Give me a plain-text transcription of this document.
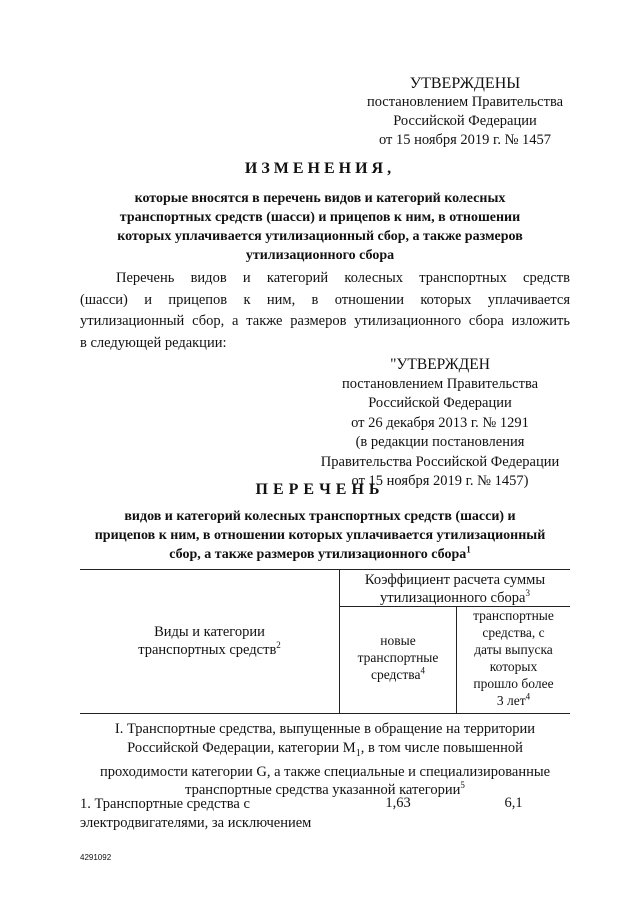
УТВЕРЖДЕНЫ
постановлением Правительства
Российской Федерации
от 15 ноября 2019 г. № 1457
ИЗМЕНЕНИЯ,
которые вносятся в перечень видов и категорий колесных
транспортных средств (шасси) и прицепов к ним, в отношении
которых уплачивается утилизационный сбор, а также размеров
утилизационного сбора
Перечень видов и категорий колесных транспортных средств
(шасси) и прицепов к ним, в отношении которых уплачивается
утилизационный сбор, а также размеров утилизационного сбора изложить
в следующей редакции:
"УТВЕРЖДЕН
постановлением Правительства
Российской Федерации
от 26 декабря 2013 г. № 1291
(в редакции постановления
Правительства Российской Федерации
от 15 ноября 2019 г. № 1457)
ПЕРЕЧЕНЬ
видов и категорий колесных транспортных средств (шасси) и
прицепов к ним, в отношении которых уплачивается утилизационный
сбор, а также размеров утилизационного сбора$^1$
Виды и категории
транспортных средств$^2$
Коэффициент расчета суммы
утилизационного сбора$^3$
новые
транспортные
средства$^4$
транспортные
средства, с
даты выпуска
которых
прошло более
3 лет$^4$
I. Транспортные средства, выпущенные в обращение на территории
Российской Федерации, категории $M_1$, в том числе повышенной
проходимости категории G, а также специальные и специализированные
транспортные средства указанной категории$^5$
1. Транспортные средства с
электродвигателями, за исключением
1,63	6,1
4291092
